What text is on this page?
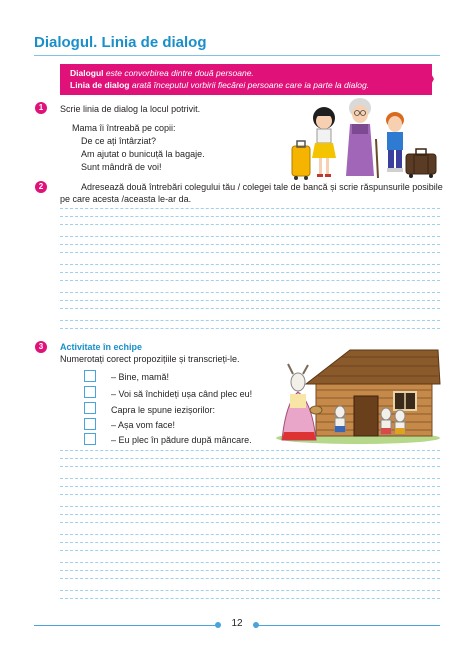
Dialogul. Linia de dialog
Dialogul este convorbirea dintre două persoane.
Linia de dialog arată începutul vorbirii fiecărei persoane care ia parte la dialog.
1	Scrie linia de dialog la locul potrivit.
Mama îi întreabă pe copii:
De ce ați întârziat?
Am ajutat o bunicuță la bagaje.
Sunt mândră de voi!
2	Adresează două întrebări colegului tău / colegei tale de bancă și scrie răspunsurile posibile
pe care acesta /aceasta le-ar da.
3	Activitate în echipe
Numerotați corect propozițiile și transcrieți-le.
– Bine, mamă!
– Voi să închideți ușa când plec eu!
Capra le spune iezișorilor:
– Așa vom face!
– Eu plec în pădure după mâncare.
12
